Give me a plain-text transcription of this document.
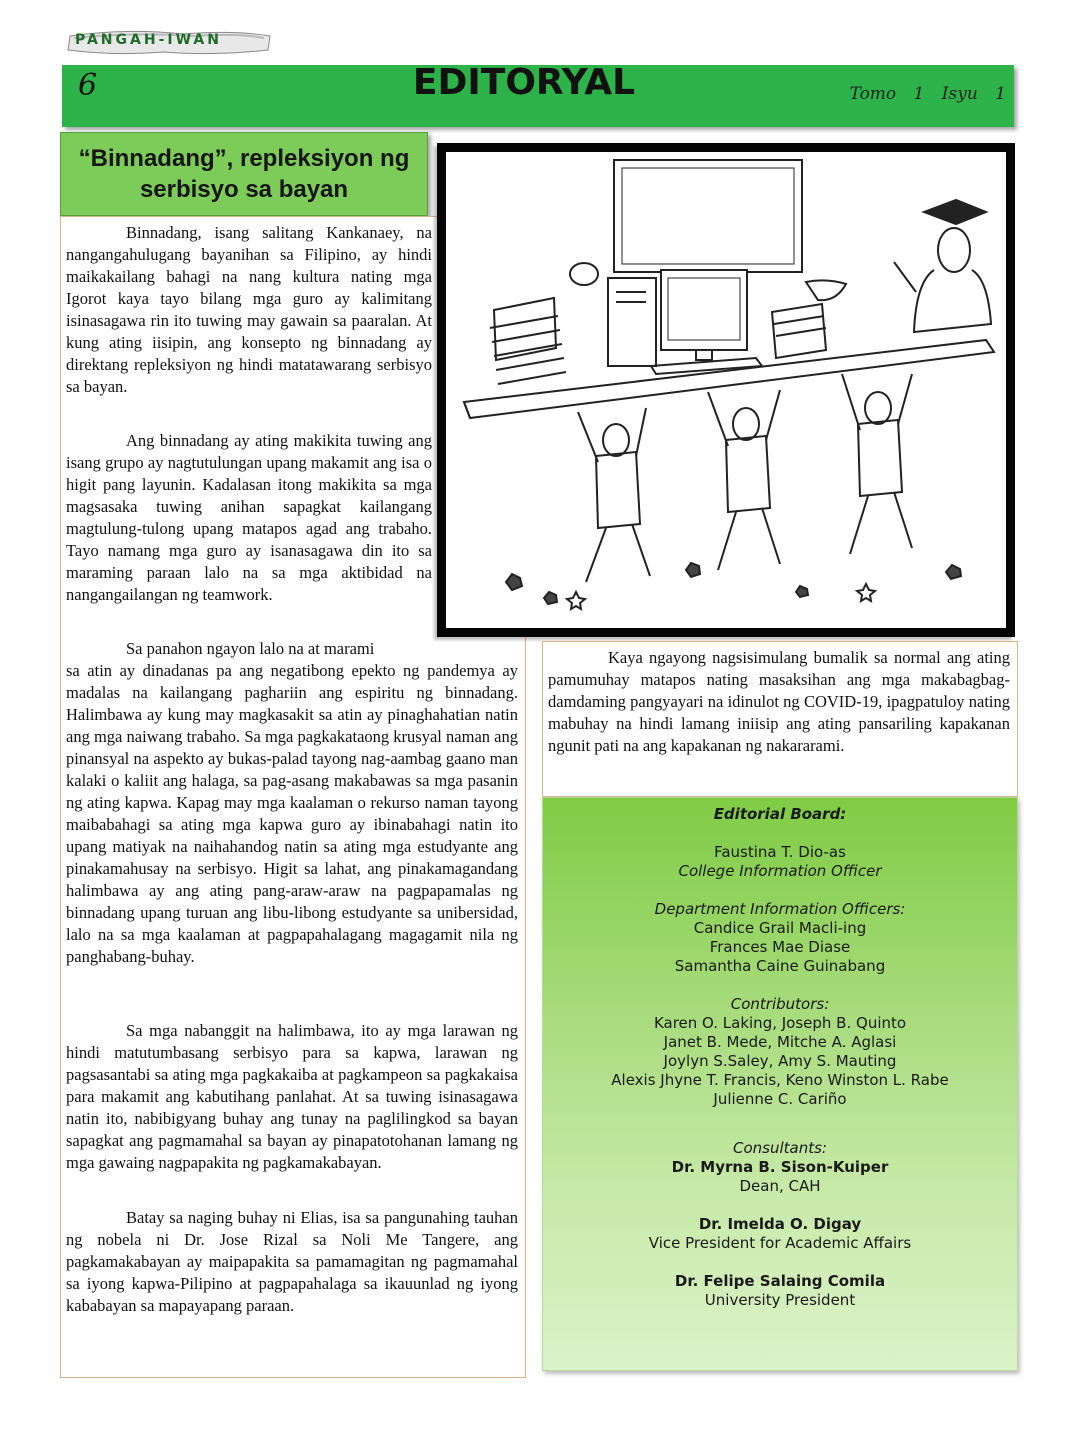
PANGAH-IWAN
6	EDITORYAL	Tomo 1 Isyu 1
“Binnadang”, repleksiyon ng serbisyo sa bayan

Binnadang, isang salitang Kankanaey, na nangangahulugang bayanihan sa Filipino, ay hindi maikakailang bahagi na nang kultura nating mga Igorot kaya tayo bilang mga guro ay kalimitang isinasagawa rin ito tuwing may gawain sa paaralan. At kung ating iisipin, ang konsepto ng binnadang ay direktang repleksiyon ng hindi matatawarang serbisyo sa bayan.

Ang binnadang ay ating makikita tuwing ang isang grupo ay nagtutulungan upang makamit ang isa o higit pang layunin. Kadalasan itong makikita sa mga magsasaka tuwing anihan sapagkat kailangang magtulung-tulong upang matapos agad ang trabaho. Tayo namang mga guro ay isanasagawa din ito sa maraming paraan lalo na sa mga aktibidad na nangangailangan ng teamwork.

Sa panahon ngayon lalo na at marami

sa atin ay dinadanas pa ang negatibong epekto ng pandemya ay madalas na kailangang paghariin ang espiritu ng binnadang. Halimbawa ay kung may magkasakit sa atin ay pinaghahatian natin ang mga naiwang trabaho. Sa mga pagkakataong krusyal naman ang pinansyal na aspekto ay bukas-palad tayong nag-aambag gaano man kalaki o kaliit ang halaga, sa pag-asang makabawas sa mga pasanin ng ating kapwa. Kapag may mga kaalaman o rekurso naman tayong maibabahagi sa ating mga kapwa guro ay ibinabahagi natin ito upang matiyak na naihahandog natin sa ating mga estudyante ang pinakamahusay na serbisyo. Higit sa lahat, ang pinakamagandang halimbawa ay ang ating pang-araw-araw na pagpapamalas ng binnadang upang turuan ang libu-libong estudyante sa unibersidad, lalo na sa mga kaalaman at pagpapahalagang magagamit nila ng panghabang-buhay.

Sa mga nabanggit na halimbawa, ito ay mga larawan ng hindi matutumbasang serbisyo para sa kapwa, larawan ng pagsasantabi sa ating mga pagkakaiba at pagkampeon sa pagkakaisa para makamit ang kabutihang panlahat. At sa tuwing isinasagawa natin ito, nabibigyang buhay ang tunay na paglilingkod sa bayan sapagkat ang pagmamahal sa bayan ay pinapatotohanan lamang ng mga gawaing nagpapakita ng pagkamakabayan.

Batay sa naging buhay ni Elias, isa sa pangunahing tauhan ng nobela ni Dr. Jose Rizal sa Noli Me Tangere, ang pagkamakabayan ay maipapakita sa pamamagitan ng pagmamahal sa iyong kapwa-Pilipino at pagpapahalaga sa ikauunlad ng iyong kababayan sa mapayapang paraan.

Kaya ngayong nagsisimulang bumalik sa normal ang ating pamumuhay matapos nating masaksihan ang mga makabagbag-damdaming pangyayari na idinulot ng COVID-19, ipagpatuloy nating mabuhay na hindi lamang iniisip ang ating pansariling kapakanan ngunit pati na ang kapakanan ng nakararami.

Editorial Board:
Faustina T. Dio-as
College Information Officer
Department Information Officers:
Candice Grail Macli-ing
Frances Mae Diase
Samantha Caine Guinabang
Contributors:
Karen O. Laking, Joseph B. Quinto
Janet B. Mede, Mitche A. Aglasi
Joylyn S.Saley, Amy S. Mauting
Alexis Jhyne T. Francis, Keno Winston L. Rabe
Julienne C. Cariño
Consultants:
Dr. Myrna B. Sison-Kuiper
Dean, CAH
Dr. Imelda O. Digay
Vice President for Academic Affairs
Dr. Felipe Salaing Comila
University President
